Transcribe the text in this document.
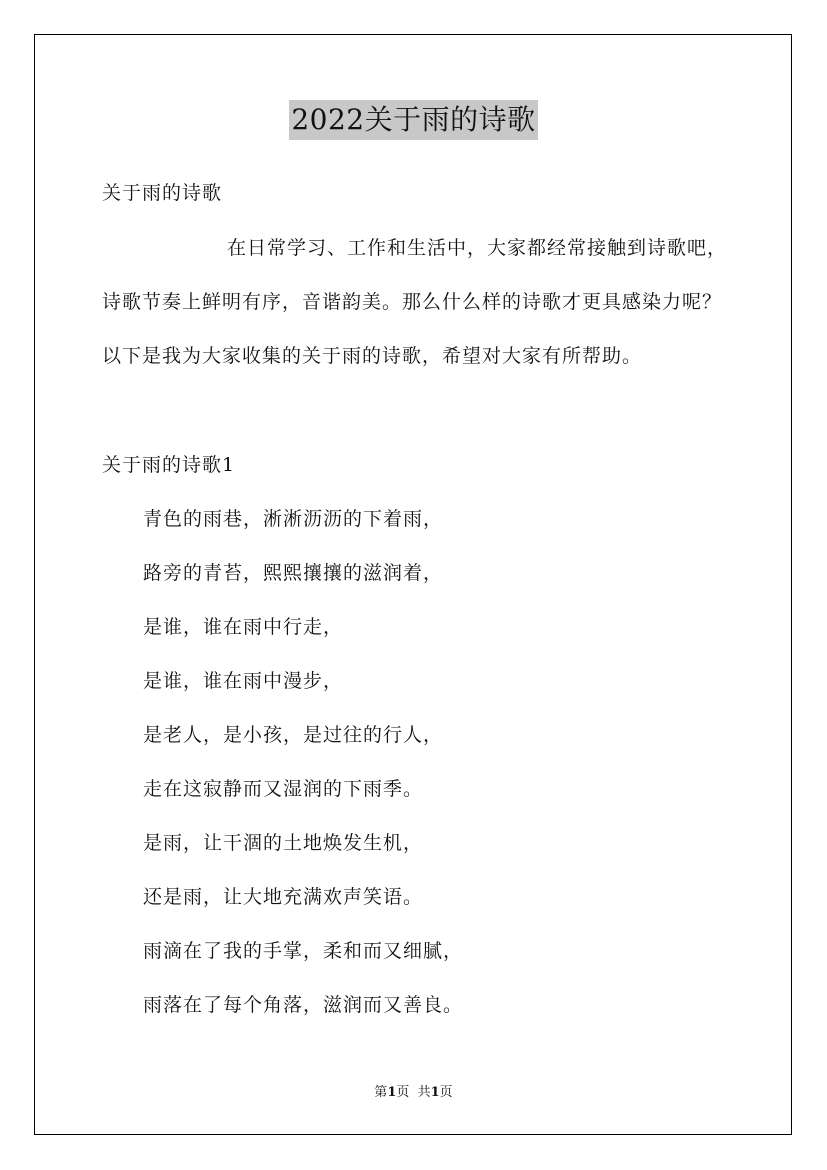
2022关于雨的诗歌
关于雨的诗歌
在日常学习、工作和生活中，大家都经常接触到诗歌吧，
诗歌节奏上鲜明有序，音谐韵美。那么什么样的诗歌才更具感染力呢？
以下是我为大家收集的关于雨的诗歌，希望对大家有所帮助。
关于雨的诗歌1
青色的雨巷，淅淅沥沥的下着雨，
路旁的青苔，熙熙攘攘的滋润着，
是谁，谁在雨中行走，
是谁，谁在雨中漫步，
是老人，是小孩，是过往的行人，
走在这寂静而又湿润的下雨季。
是雨，让干涸的土地焕发生机，
还是雨，让大地充满欢声笑语。
雨滴在了我的手掌，柔和而又细腻，
雨落在了每个角落，滋润而又善良。
第1页  共1页
